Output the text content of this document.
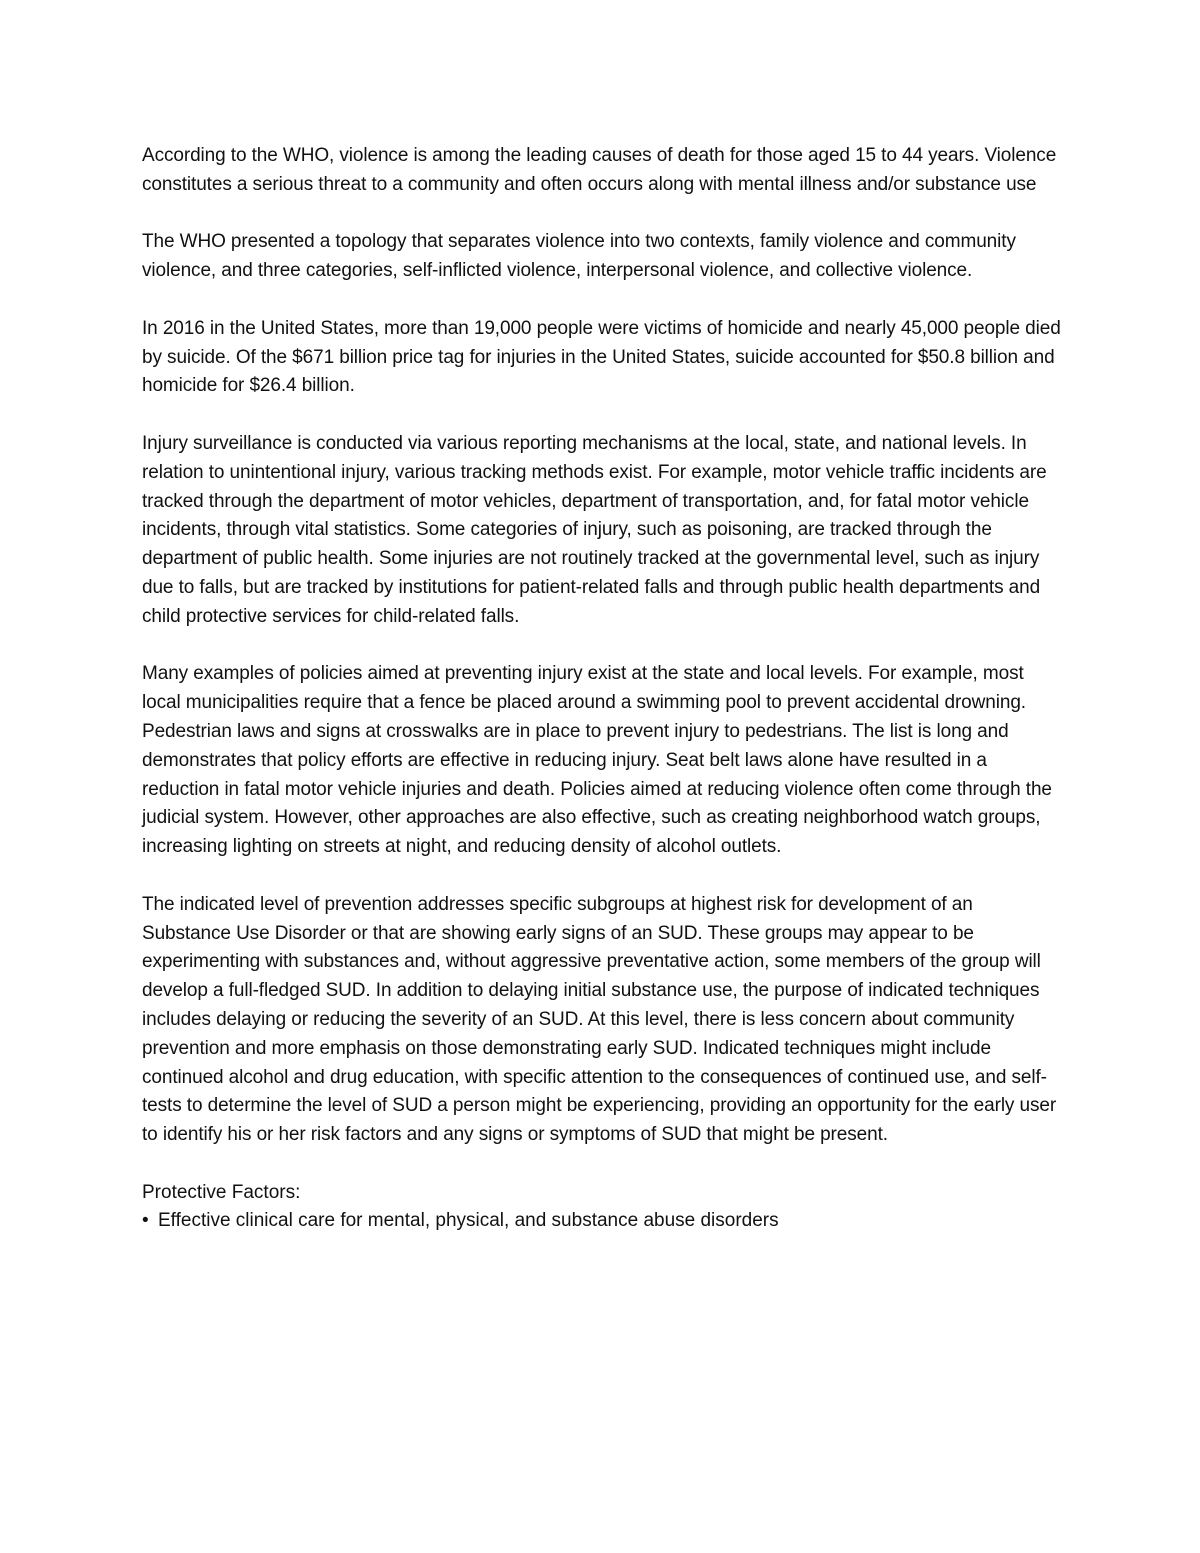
According to the WHO, violence is among the leading causes of death for those aged 15 to 44 years. Violence constitutes a serious threat to a community and often occurs along with mental illness and/or substance use

The WHO presented a topology that separates violence into two contexts, family violence and community violence, and three categories, self-inflicted violence, interpersonal violence, and collective violence.

In 2016 in the United States, more than 19,000 people were victims of homicide and nearly 45,000 people died by suicide. Of the $671 billion price tag for injuries in the United States, suicide accounted for $50.8 billion and homicide for $26.4 billion.

Injury surveillance is conducted via various reporting mechanisms at the local, state, and national levels. In relation to unintentional injury, various tracking methods exist. For example, motor vehicle traffic incidents are tracked through the department of motor vehicles, department of transportation, and, for fatal motor vehicle incidents, through vital statistics. Some categories of injury, such as poisoning, are tracked through the department of public health. Some injuries are not routinely tracked at the governmental level, such as injury due to falls, but are tracked by institutions for patient-related falls and through public health departments and child protective services for child-related falls.

Many examples of policies aimed at preventing injury exist at the state and local levels. For example, most local municipalities require that a fence be placed around a swimming pool to prevent accidental drowning. Pedestrian laws and signs at crosswalks are in place to prevent injury to pedestrians. The list is long and demonstrates that policy efforts are effective in reducing injury. Seat belt laws alone have resulted in a reduction in fatal motor vehicle injuries and death. Policies aimed at reducing violence often come through the judicial system. However, other approaches are also effective, such as creating neighborhood watch groups, increasing lighting on streets at night, and reducing density of alcohol outlets.

The indicated level of prevention addresses specific subgroups at highest risk for development of an Substance Use Disorder or that are showing early signs of an SUD. These groups may appear to be experimenting with substances and, without aggressive preventative action, some members of the group will develop a full-fledged SUD. In addition to delaying initial substance use, the purpose of indicated techniques includes delaying or reducing the severity of an SUD. At this level, there is less concern about community prevention and more emphasis on those demonstrating early SUD. Indicated techniques might include continued alcohol and drug education, with specific attention to the consequences of continued use, and self-tests to determine the level of SUD a person might be experiencing, providing an opportunity for the early user to identify his or her risk factors and any signs or symptoms of SUD that might be present.

Protective Factors:

• Effective clinical care for mental, physical, and substance abuse disorders
